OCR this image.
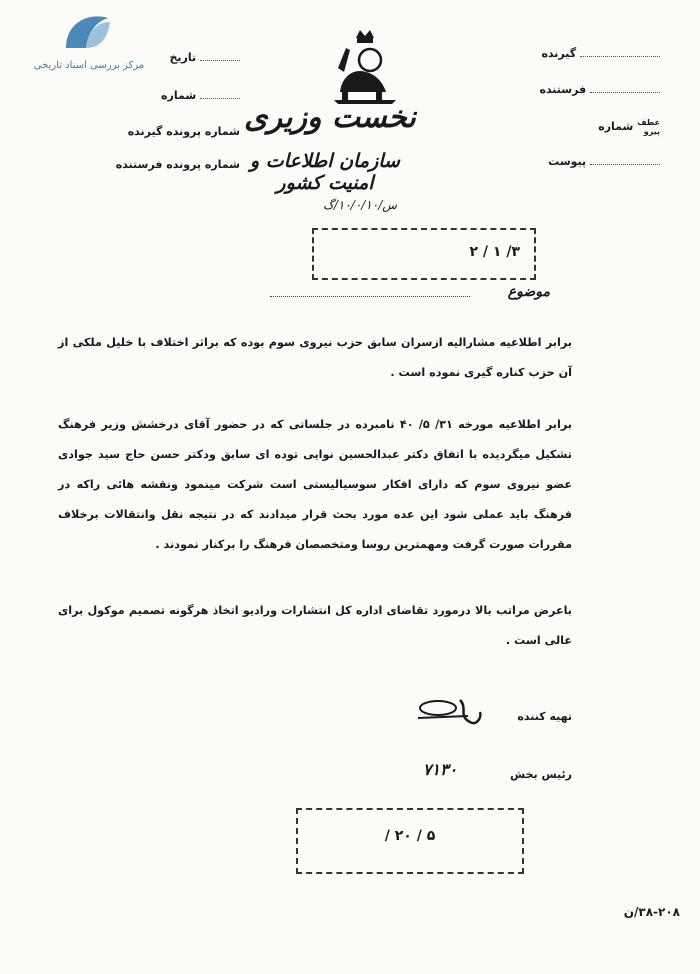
مرکز بررسی اسناد تاریخی
تاریخ
شماره
شماره پرونده گیرنده
شماره پرونده فرستنده
گیرنده
فرستنده
شماره عطف
پیرو
پیوست
نخست وزیری
سازمان اطلاعات و امنیت کشور
س/۱۰/۰/۱۰/گ
۳/ ۱ / ۲
موضوع
برابر اطلاعیه مشارالیه ازسران سابق حزب نیروی سوم بوده که براثر اختلاف با خلیل ملکی از آن حزب کناره گیری نموده است .
برابر اطلاعیه مورخه ۳۱/ ۵/ ۴۰ نامبرده در جلساتی که در حضور آقای درخشش وزیر فرهنگ تشکیل میگردیده با اتفاق دکتر عبدالحسین نوایی توده ای سابق ودکتر حسن حاج سید جوادی عضو نیروی سوم که دارای افکار سوسیالیستی است شرکت مینمود ونقشه هائی راکه در فرهنگ باید عملی شود این عده مورد بحث قرار میدادند که در نتیجه نقل وانتقالات برخلاف مقررات صورت گرفت ومهمترین روسا ومتخصصان فرهنگ را برکنار نمودند .
باعرض مراتب بالا درمورد تقاضای اداره کل انتشارات ورادیو اتخاذ هرگونه تصمیم موکول برای عالی است .
تهیه کننده
رئیس بخش
۷۱۳۰
۵ / ۲۰ /
۳۸-۲۰۸/ن
